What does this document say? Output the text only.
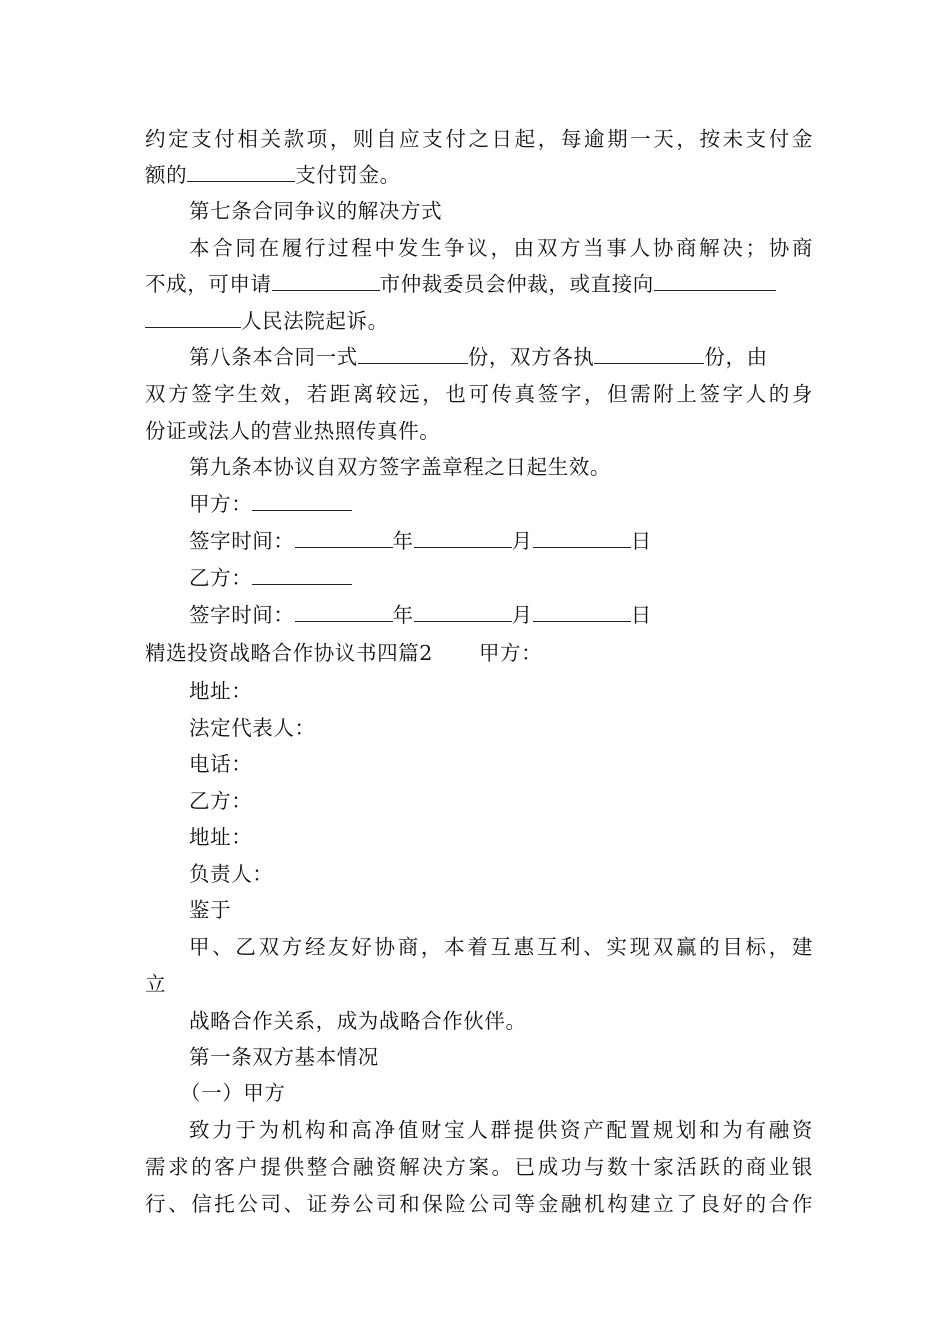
约定支付相关款项，则自应支付之日起，每逾期一天，按未支付金
额的	支付罚金。
第七条合同争议的解决方式
本合同在履行过程中发生争议，由双方当事人协商解决；协商
不成，可申请	市仲裁委员会仲裁，或直接向
人民法院起诉。
第八条本合同一式	份，双方各执	份，由
双方签字生效，若距离较远，也可传真签字，但需附上签字人的身
份证或法人的营业热照传真件。
第九条本协议自双方签字盖章程之日起生效。
甲方：
签字时间：	年	月	日
乙方：
签字时间：	年	月	日
精选投资战略合作协议书四篇2 甲方：
地址：
法定代表人：
电话：
乙方：
地址：
负责人：
鉴于
甲、乙双方经友好协商，本着互惠互利、实现双赢的目标，建
立
战略合作关系，成为战略合作伙伴。
第一条双方基本情况
（一）甲方
致力于为机构和高净值财宝人群提供资产配置规划和为有融资
需求的客户提供整合融资解决方案。已成功与数十家活跃的商业银
行、信托公司、证券公司和保险公司等金融机构建立了良好的合作
